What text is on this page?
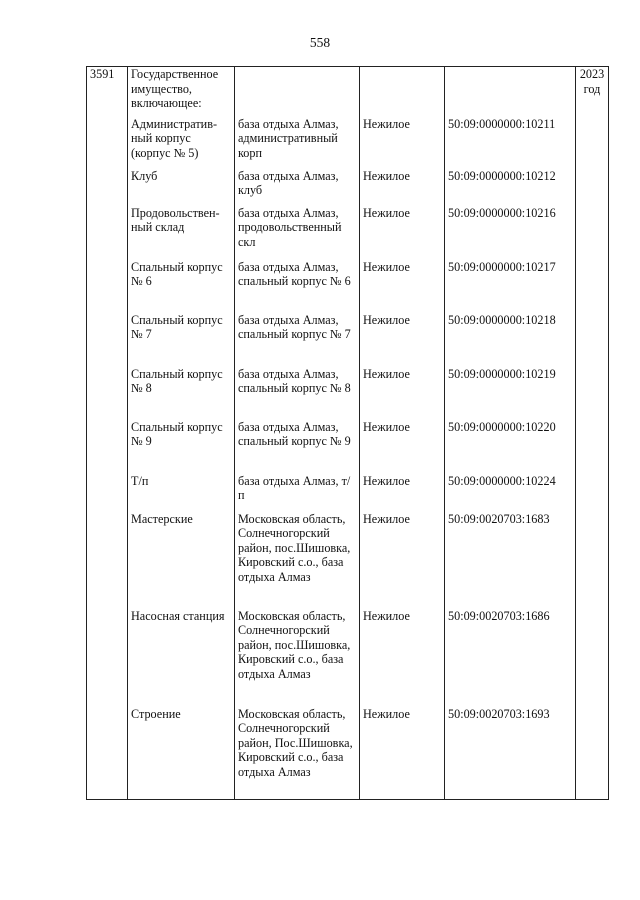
558
3591	Государственное имущество, включающее:				2023 год
	Административ-ный корпус (корпус № 5)	база отдыха Алмаз, административный корп	Нежилое	50:09:0000000:10211	
	Клуб	база отдыха Алмаз, клуб	Нежилое	50:09:0000000:10212	
	Продовольствен-ный склад	база отдыха Алмаз, продовольственный скл	Нежилое	50:09:0000000:10216	
	Спальный корпус № 6	база отдыха Алмаз, спальный корпус № 6	Нежилое	50:09:0000000:10217	
	Спальный корпус № 7	база отдыха Алмаз, спальный корпус № 7	Нежилое	50:09:0000000:10218	
	Спальный корпус № 8	база отдыха Алмаз, спальный корпус № 8	Нежилое	50:09:0000000:10219	
	Спальный корпус № 9	база отдыха Алмаз, спальный корпус № 9	Нежилое	50:09:0000000:10220	
	Т/п	база отдыха Алмаз, т/п	Нежилое	50:09:0000000:10224	
	Мастерские	Московская область, Солнечногорский район, пос.Шишовка, Кировский с.о., база отдыха Алмаз	Нежилое	50:09:0020703:1683	
	Насосная станция	Московская область, Солнечногорский район, пос.Шишовка, Кировский с.о., база отдыха Алмаз	Нежилое	50:09:0020703:1686	
	Строение	Московская область, Солнечногорский район, Пос.Шишовка, Кировский с.о., база отдыха Алмаз	Нежилое	50:09:0020703:1693	
